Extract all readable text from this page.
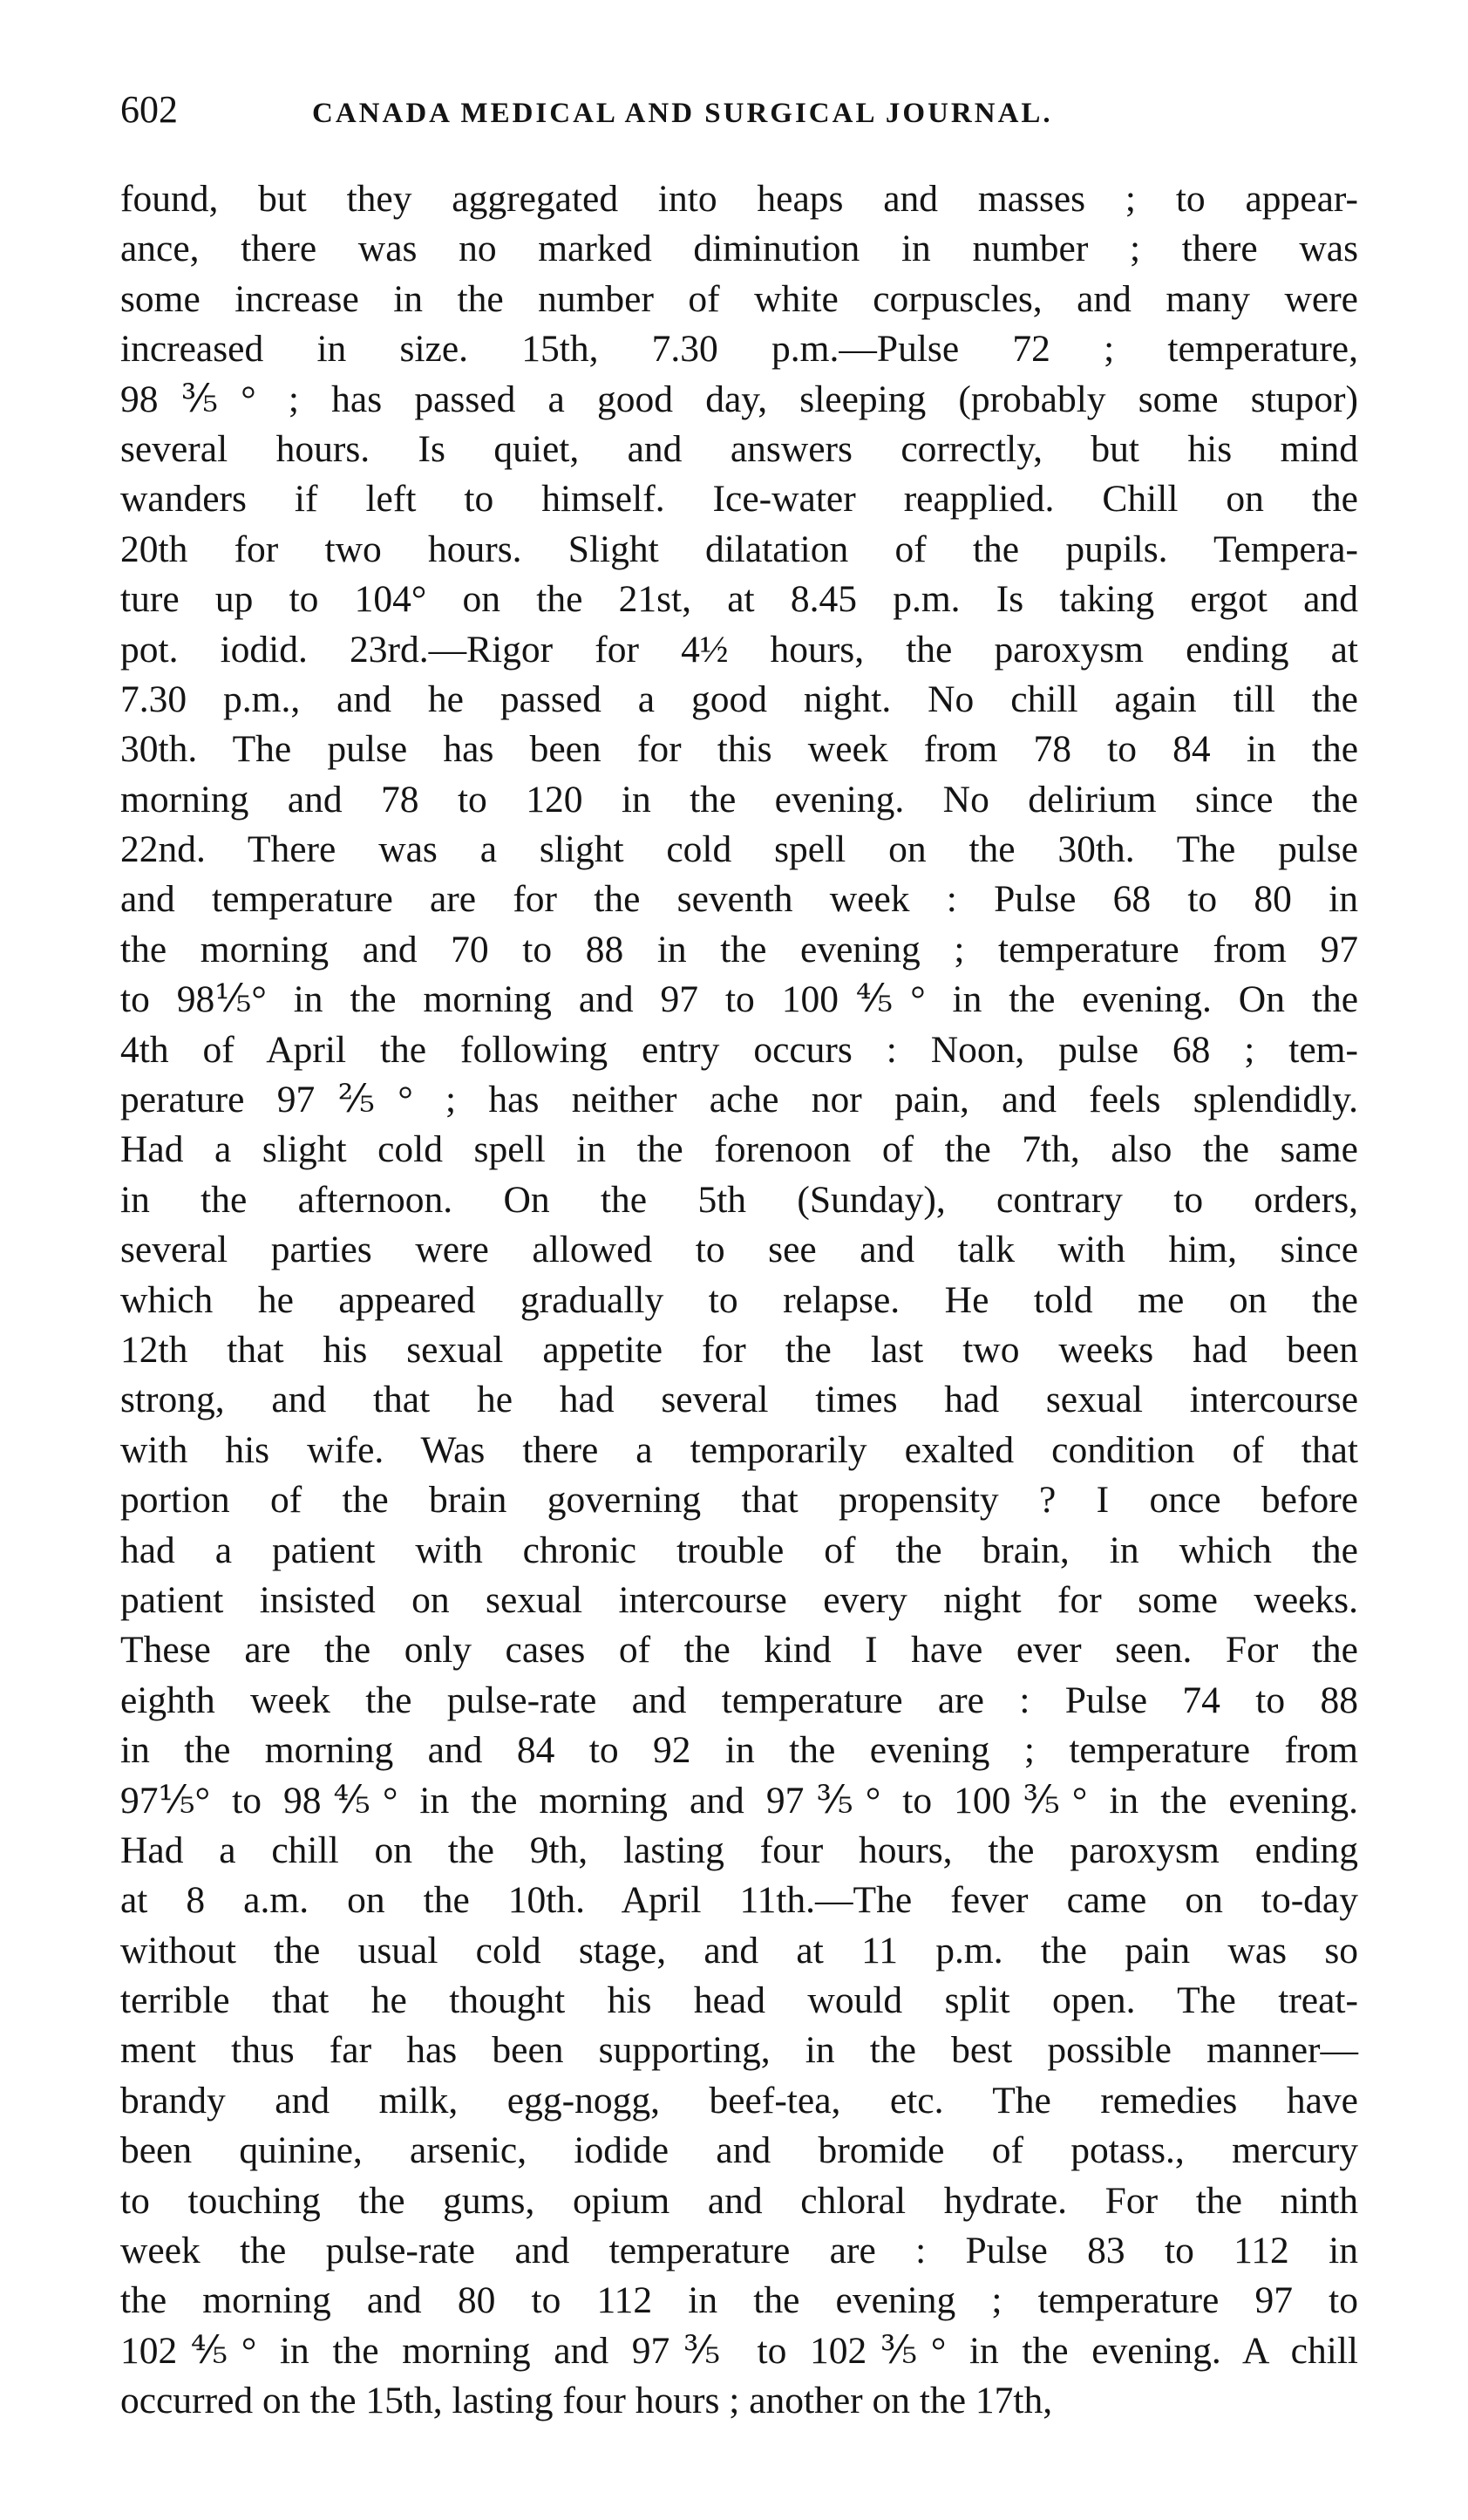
602	CANADA MEDICAL AND SURGICAL JOURNAL.
found, but they aggregated into heaps and masses ; to appear-
ance, there was no marked diminution in number ; there was
some increase in the number of white corpuscles, and many were
increased in size. 15th, 7.30 p.m.—Pulse 72 ; temperature,
98⅗° ; has passed a good day, sleeping (probably some stupor)
several hours. Is quiet, and answers correctly, but his mind
wanders if left to himself. Ice-water reapplied. Chill on the
20th for two hours. Slight dilatation of the pupils. Tempera-
ture up to 104° on the 21st, at 8.45 p.m. Is taking ergot and
pot. iodid. 23rd.—Rigor for 4½ hours, the paroxysm ending at
7.30 p.m., and he passed a good night. No chill again till the
30th. The pulse has been for this week from 78 to 84 in the
morning and 78 to 120 in the evening. No delirium since the
22nd. There was a slight cold spell on the 30th. The pulse
and temperature are for the seventh week : Pulse 68 to 80 in
the morning and 70 to 88 in the evening ; temperature from 97
to 98⅕° in the morning and 97 to 100⅘° in the evening. On the
4th of April the following entry occurs : Noon, pulse 68 ; tem-
perature 97⅖° ; has neither ache nor pain, and feels splendidly.
Had a slight cold spell in the forenoon of the 7th, also the same
in the afternoon. On the 5th (Sunday), contrary to orders,
several parties were allowed to see and talk with him, since
which he appeared gradually to relapse. He told me on the
12th that his sexual appetite for the last two weeks had been
strong, and that he had several times had sexual intercourse
with his wife. Was there a temporarily exalted condition of that
portion of the brain governing that propensity ? I once before
had a patient with chronic trouble of the brain, in which the
patient insisted on sexual intercourse every night for some weeks.
These are the only cases of the kind I have ever seen. For the
eighth week the pulse-rate and temperature are : Pulse 74 to 88
in the morning and 84 to 92 in the evening ; temperature from
97⅕° to 98⅘° in the morning and 97⅗° to 100⅗° in the evening.
Had a chill on the 9th, lasting four hours, the paroxysm ending
at 8 a.m. on the 10th. April 11th.—The fever came on to-day
without the usual cold stage, and at 11 p.m. the pain was so
terrible that he thought his head would split open. The treat-
ment thus far has been supporting, in the best possible manner—
brandy and milk, egg-nogg, beef-tea, etc. The remedies have
been quinine, arsenic, iodide and bromide of potass., mercury
to touching the gums, opium and chloral hydrate. For the ninth
week the pulse-rate and temperature are : Pulse 83 to 112 in
the morning and 80 to 112 in the evening ; temperature 97 to
102⅘° in the morning and 97⅗ to 102⅗° in the evening. A chill
occurred on the 15th, lasting four hours ; another on the 17th,
